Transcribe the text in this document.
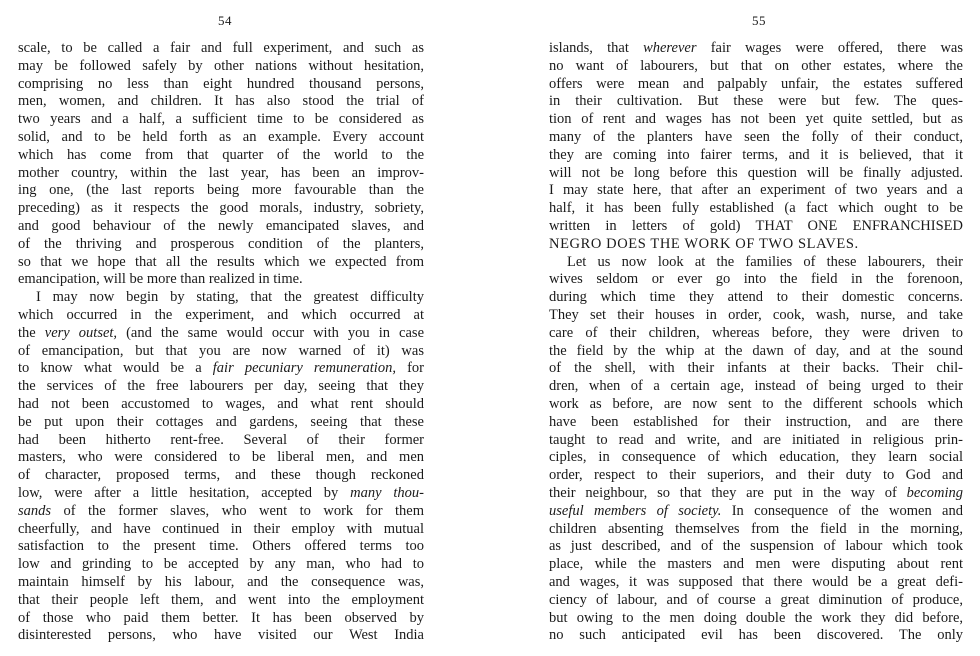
54
scale, to be called a fair and full experiment, and such as
may be followed safely by other nations without hesitation,
comprising no less than eight hundred thousand persons,
men, women, and children. It has also stood the trial of
two years and a half, a sufficient time to be considered as
solid, and to be held forth as an example. Every account
which has come from that quarter of the world to the
mother country, within the last year, has been an improv-
ing one, (the last reports being more favourable than the
preceding) as it respects the good morals, industry, sobriety,
and good behaviour of the newly emancipated slaves, and
of the thriving and prosperous condition of the planters,
so that we hope that all the results which we expected from
emancipation, will be more than realized in time.
I may now begin by stating, that the greatest difficulty
which occurred in the experiment, and which occurred at
the very outset, (and the same would occur with you in case
of emancipation, but that you are now warned of it) was
to know what would be a fair pecuniary remuneration, for
the services of the free labourers per day, seeing that they
had not been accustomed to wages, and what rent should
be put upon their cottages and gardens, seeing that these
had been hitherto rent-free. Several of their former
masters, who were considered to be liberal men, and men
of character, proposed terms, and these though reckoned
low, were after a little hesitation, accepted by many thou-
sands of the former slaves, who went to work for them
cheerfully, and have continued in their employ with mutual
satisfaction to the present time. Others offered terms too
low and grinding to be accepted by any man, who had to
maintain himself by his labour, and the consequence was,
that their people left them, and went into the employment
of those who paid them better. It has been observed by
disinterested persons, who have visited our West India
55
islands, that wherever fair wages were offered, there was
no want of labourers, but that on other estates, where the
offers were mean and palpably unfair, the estates suffered
in their cultivation. But these were but few. The ques-
tion of rent and wages has not been yet quite settled, but as
many of the planters have seen the folly of their conduct,
they are coming into fairer terms, and it is believed, that it
will not be long before this question will be finally adjusted.
I may state here, that after an experiment of two years and a
half, it has been fully established (a fact which ought to be
written in letters of gold) THAT ONE ENFRANCHISED
NEGRO DOES THE WORK OF TWO SLAVES.
Let us now look at the families of these labourers, their
wives seldom or ever go into the field in the forenoon,
during which time they attend to their domestic concerns.
They set their houses in order, cook, wash, nurse, and take
care of their children, whereas before, they were driven to
the field by the whip at the dawn of day, and at the sound
of the shell, with their infants at their backs. Their chil-
dren, when of a certain age, instead of being urged to their
work as before, are now sent to the different schools which
have been established for their instruction, and are there
taught to read and write, and are initiated in religious prin-
ciples, in consequence of which education, they learn social
order, respect to their superiors, and their duty to God and
their neighbour, so that they are put in the way of becoming
useful members of society. In consequence of the women and
children absenting themselves from the field in the morning,
as just described, and of the suspension of labour which took
place, while the masters and men were disputing about rent
and wages, it was supposed that there would be a great defi-
ciency of labour, and of course a great diminution of produce,
but owing to the men doing double the work they did before,
no such anticipated evil has been discovered. The only
